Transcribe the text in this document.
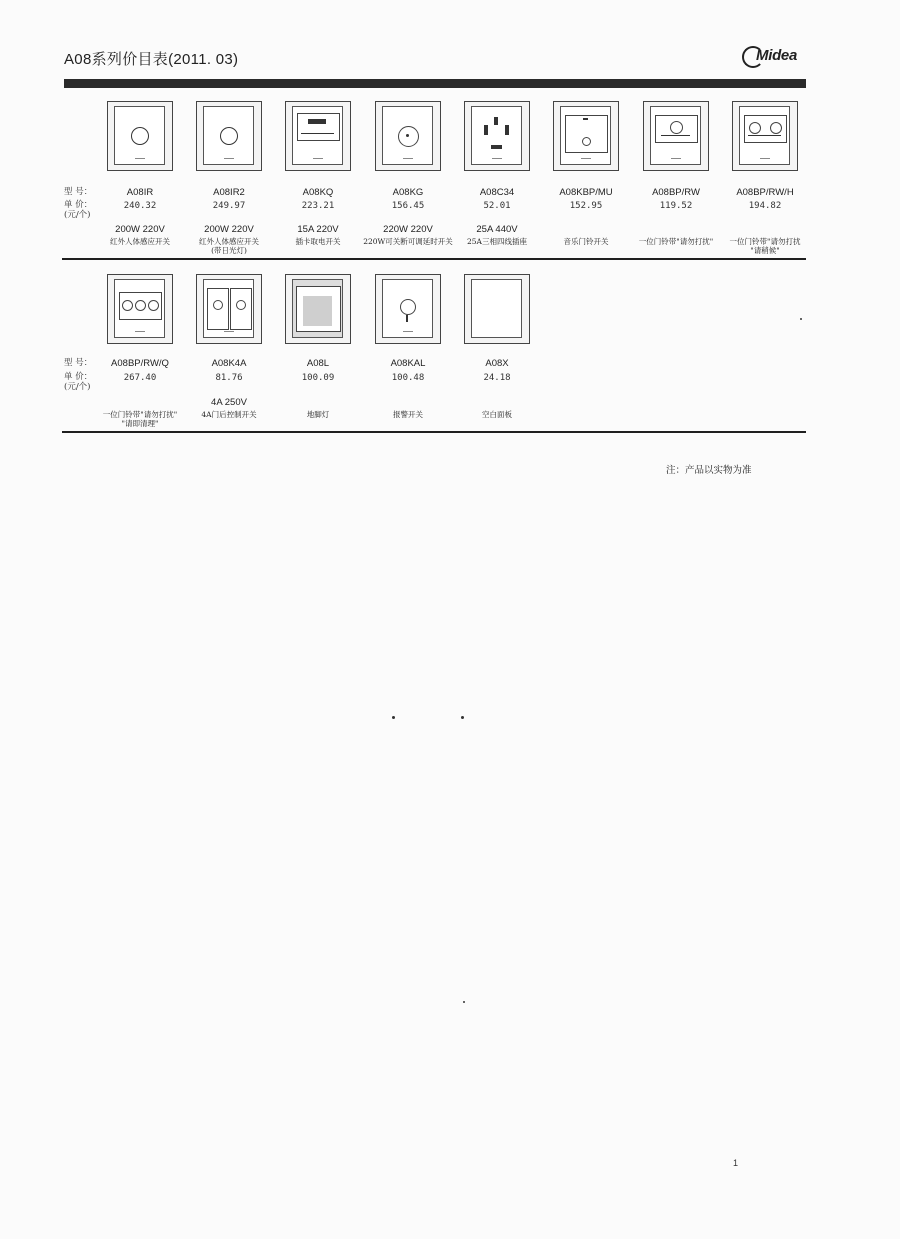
A08系列价目表(2011. 03)	Midea
型 号：
单 价：
(元/个)
型 号：
单 价：
(元/个)
A08IR
240.32
200W 220V
红外人体感应开关
A08IR2
249.97
200W 220V
红外人体感应开关
(带日光灯)
A08KQ
223.21
15A 220V
插卡取电开关
A08KG
156.45
220W 220V
220W可关断可调延时开关
A08C34
52.01
25A 440V
25A三相四线插座
A08KBP/MU
152.95
音乐门铃开关
A08BP/RW
119.52
一位门铃带"请勿打扰"
A08BP/RW/H
194.82
一位门铃带"请勿打扰
"请稍候"
A08BP/RW/Q
267.40
一位门铃带"请勿打扰"
"请即清理"
A08K4A
81.76
4A 250V
4A门后控制开关
A08L
100.09
地脚灯
A08KAL
100.48
报警开关
A08X
24.18
空白面板
注：产品以实物为准
1
